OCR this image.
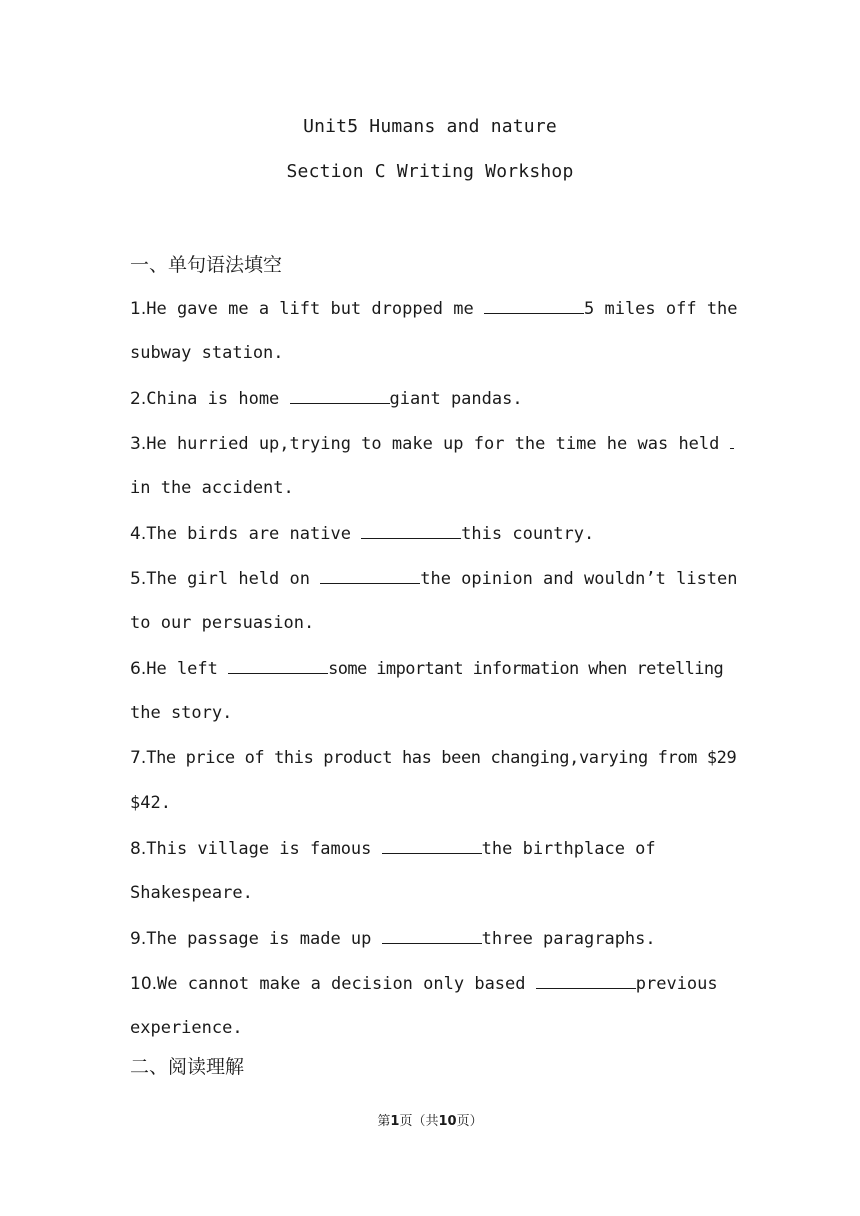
Unit5 Humans and nature
Section C Writing Workshop
一、单句语法填空
1.He gave me a lift but dropped me	5 miles off the
subway station.
2.China is home	giant pandas.
3.He hurried up,trying to make up for the time he was held
in the accident.
4.The birds are native	this country.
5.The girl held on	the opinion and wouldn’t listen
to our persuasion.
6.He left	some important information when retelling
the story.
7.The price of this product has been changing,varying from $29
$42.
8.This village is famous	the birthplace of
Shakespeare.
9.The passage is made up	three paragraphs.
10.We cannot make a decision only based	previous
experience.
二、阅读理解
第1页（共10页）
